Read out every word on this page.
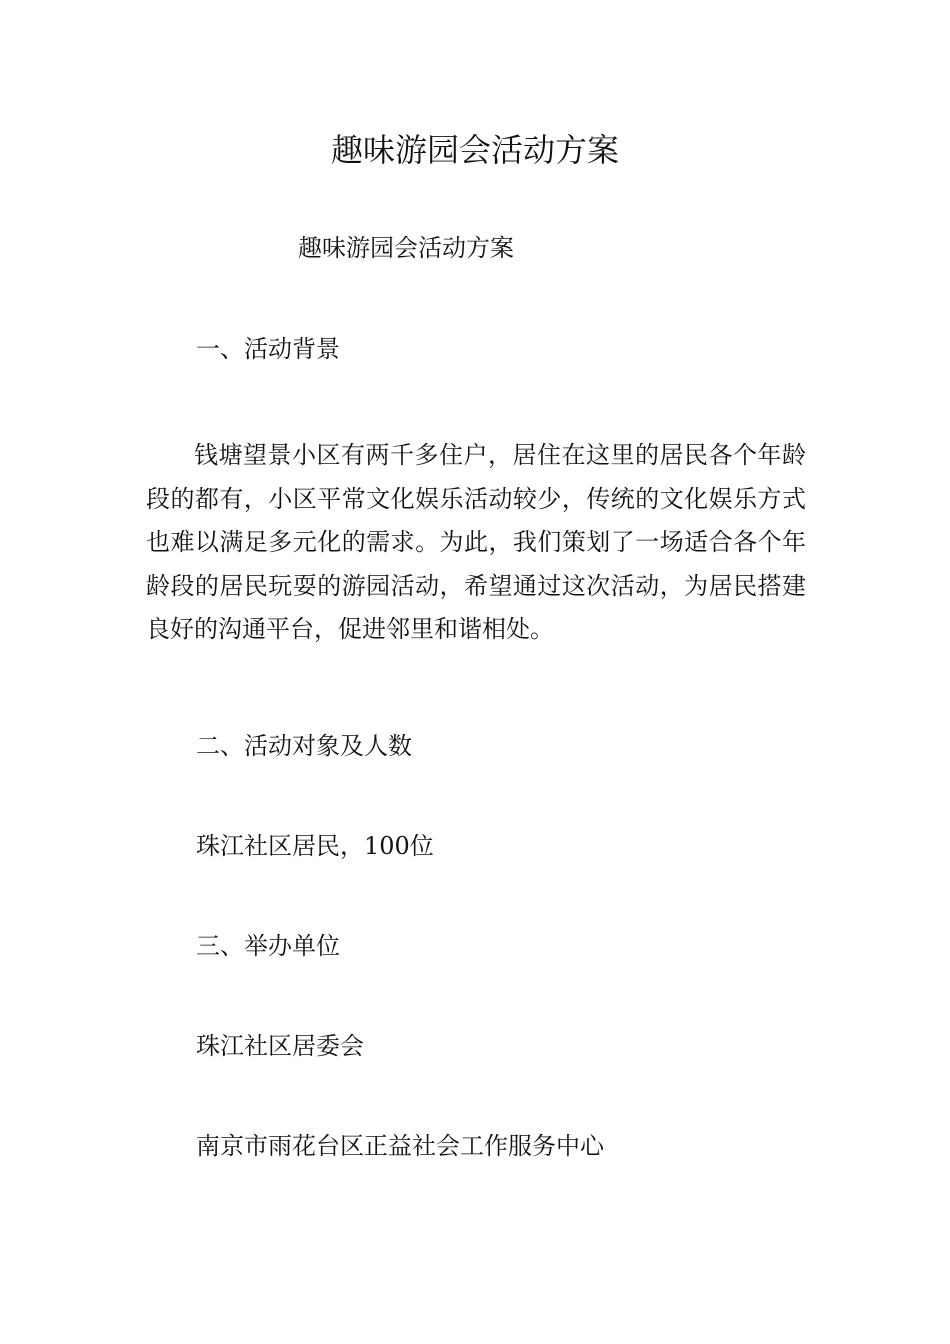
趣味游园会活动方案

趣味游园会活动方案

一、活动背景

钱塘望景小区有两千多住户，居住在这里的居民各个年龄段的都有，小区平常文化娱乐活动较少，传统的文化娱乐方式也难以满足多元化的需求。为此，我们策划了一场适合各个年龄段的居民玩耍的游园活动，希望通过这次活动，为居民搭建良好的沟通平台，促进邻里和谐相处。

二、活动对象及人数

珠江社区居民，100位

三、举办单位

珠江社区居委会

南京市雨花台区正益社会工作服务中心
